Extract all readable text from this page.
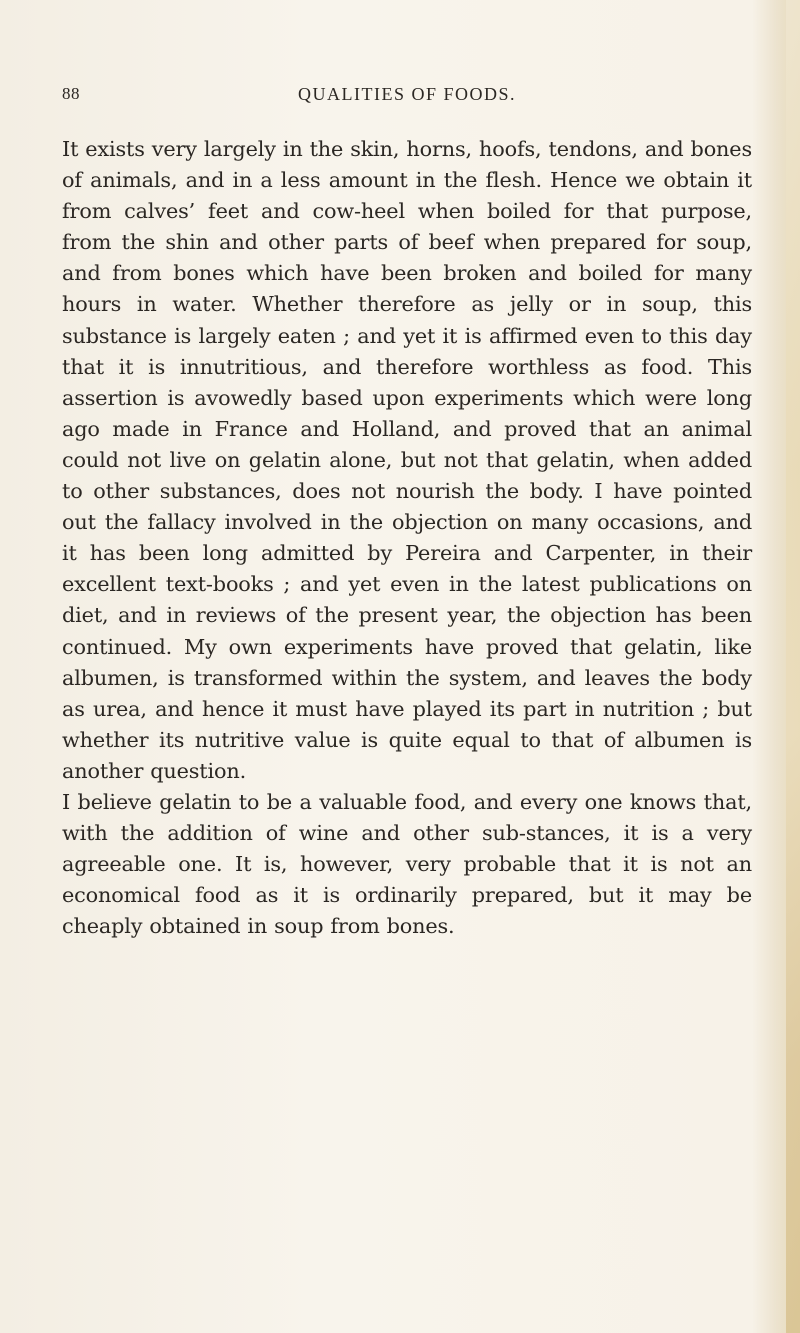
88	QUALITIES OF FOODS.

It exists very largely in the skin, horns, hoofs, tendons, and bones of animals, and in a less amount in the flesh. Hence we obtain it from calves’ feet and cow-heel when boiled for that purpose, from the shin and other parts of beef when prepared for soup, and from bones which have been broken and boiled for many hours in water. Whether therefore as jelly or in soup, this substance is largely eaten ; and yet it is affirmed even to this day that it is innutritious, and therefore worthless as food. This assertion is avowedly based upon experiments which were long ago made in France and Holland, and proved that an animal could not live on gelatin alone, but not that gelatin, when added to other substances, does not nourish the body. I have pointed out the fallacy involved in the objection on many occasions, and it has been long admitted by Pereira and Carpenter, in their excellent text-books ; and yet even in the latest publications on diet, and in reviews of the present year, the objection has been continued. My own experiments have proved that gelatin, like albumen, is transformed within the system, and leaves the body as urea, and hence it must have played its part in nutrition ; but whether its nutritive value is quite equal to that of albumen is another question.

I believe gelatin to be a valuable food, and every one knows that, with the addition of wine and other sub-stances, it is a very agreeable one. It is, however, very probable that it is not an economical food as it is ordinarily prepared, but it may be cheaply obtained in soup from bones.
